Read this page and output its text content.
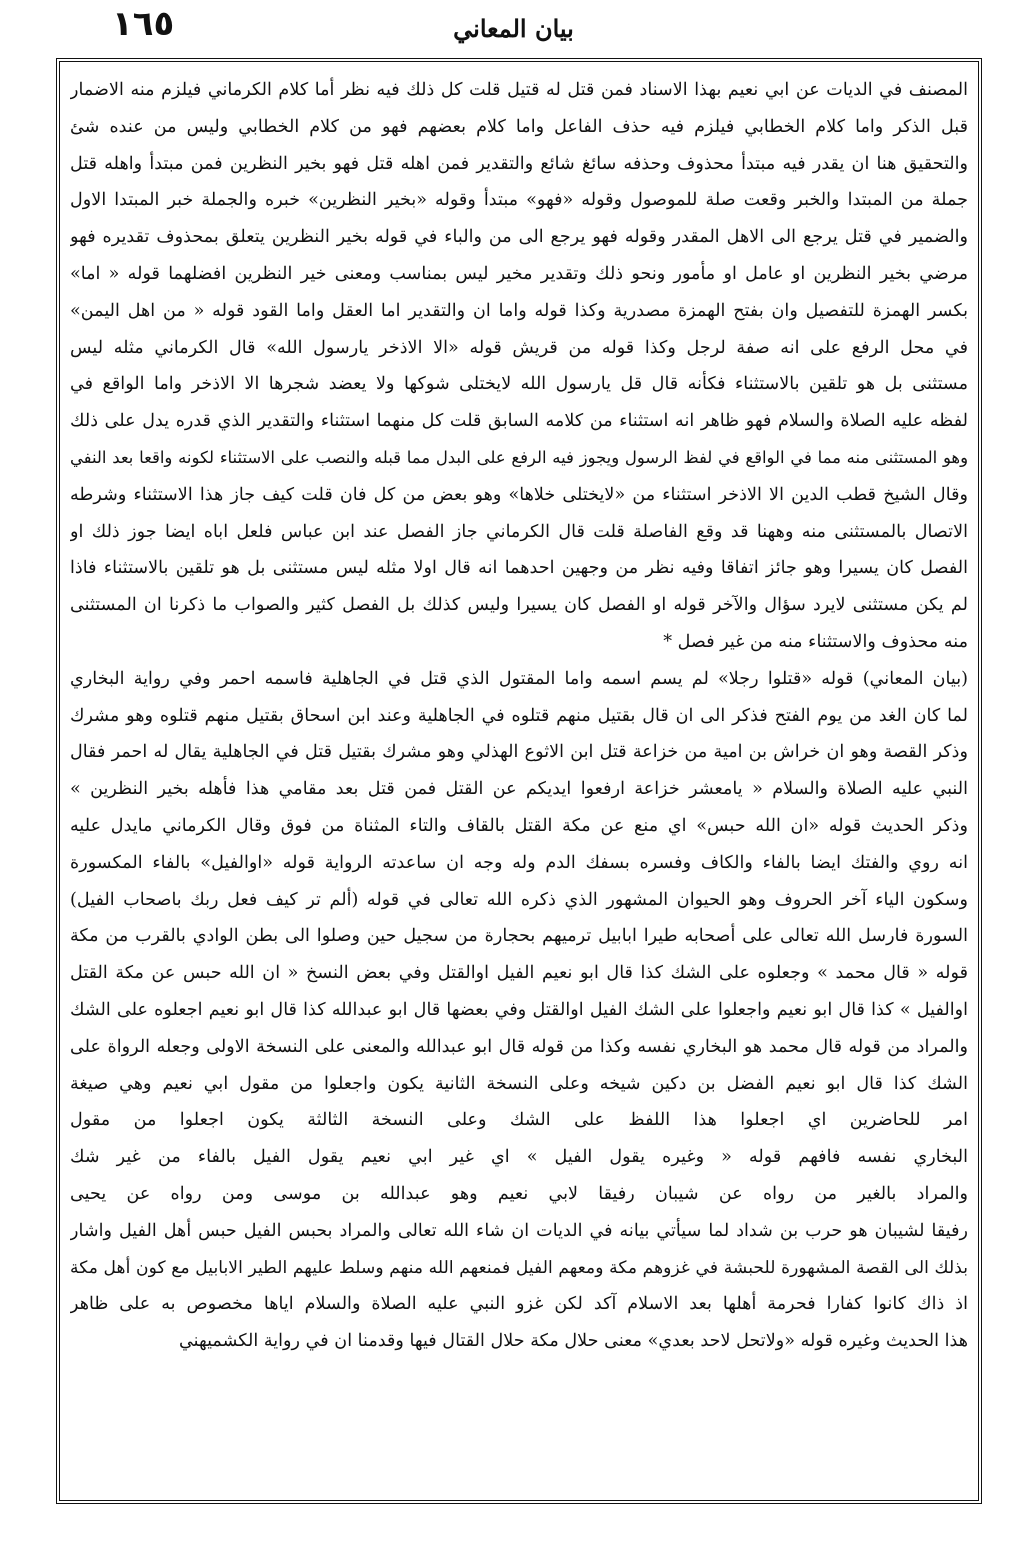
١٦٥	بيان المعاني
المصنف في الديات عن ابي نعيم بهذا الاسناد فمن قتل له قتيل قلت كل ذلك فيه نظر أما كلام الكرماني فيلزم منه الاضمار
قبل الذكر واما كلام الخطابي فيلزم فيه حذف الفاعل واما كلام بعضهم فهو من كلام الخطابي وليس من عنده شئ
والتحقيق هنا ان يقدر فيه مبتدأ محذوف وحذفه سائغ شائع والتقدير فمن اهله قتل فهو بخير النظرين فمن مبتدأ واهله قتل
جملة من المبتدا والخبر وقعت صلة للموصول وقوله «فهو» مبتدأ وقوله «بخير النظرين» خبره والجملة خبر المبتدا الاول
والضمير في قتل يرجع الى الاهل المقدر وقوله فهو يرجع الى من والباء في قوله بخير النظرين يتعلق بمحذوف تقديره فهو
مرضي بخير النظرين او عامل او مأمور ونحو ذلك وتقدير مخير ليس بمناسب ومعنى خير النظرين افضلهما قوله « اما»
بكسر الهمزة للتفصيل وان بفتح الهمزة مصدرية وكذا قوله واما ان والتقدير اما العقل واما القود قوله « من اهل اليمن»
في محل الرفع على انه صفة لرجل وكذا قوله من قريش قوله «الا الاذخر يارسول الله» قال الكرماني مثله ليس
مستثنى بل هو تلقين بالاستثناء فكأنه قال قل يارسول الله لايختلى شوكها ولا يعضد شجرها الا الاذخر واما الواقع في
لفظه عليه الصلاة والسلام فهو ظاهر انه استثناء من كلامه السابق قلت كل منهما استثناء والتقدير الذي قدره يدل على ذلك
وهو المستثنى منه مما في الواقع في لفظ الرسول ويجوز فيه الرفع على البدل مما قبله والنصب على الاستثناء لكونه واقعا بعد النفي
وقال الشيخ قطب الدين الا الاذخر استثناء من «لايختلى خلاها» وهو بعض من كل فان قلت كيف جاز هذا الاستثناء وشرطه
الاتصال بالمستثنى منه وههنا قد وقع الفاصلة قلت قال الكرماني جاز الفصل عند ابن عباس فلعل اباه ايضا جوز ذلك او
الفصل كان يسيرا وهو جائز اتفاقا وفيه نظر من وجهين احدهما انه قال اولا مثله ليس مستثنى بل هو تلقين بالاستثناء فاذا
لم يكن مستثنى لايرد سؤال والآخر قوله او الفصل كان يسيرا وليس كذلك بل الفصل كثير والصواب ما ذكرنا ان المستثنى
منه محذوف والاستثناء منه من غير فصل *
(بيان المعاني) قوله «قتلوا رجلا» لم يسم اسمه واما المقتول الذي قتل في الجاهلية فاسمه احمر وفي رواية البخاري
لما كان الغد من يوم الفتح فذكر الى ان قال بقتيل منهم قتلوه في الجاهلية وعند ابن اسحاق بقتيل منهم قتلوه وهو مشرك
وذكر القصة وهو ان خراش بن امية من خزاعة قتل ابن الاثوع الهذلي وهو مشرك بقتيل قتل في الجاهلية يقال له احمر فقال
النبي عليه الصلاة والسلام « يامعشر خزاعة ارفعوا ايديكم عن القتل فمن قتل بعد مقامي هذا فأهله بخير النظرين »
وذكر الحديث قوله «ان الله حبس» اي منع عن مكة القتل بالقاف والتاء المثناة من فوق وقال الكرماني مايدل عليه
انه روي والفتك ايضا بالفاء والكاف وفسره بسفك الدم وله وجه ان ساعدته الرواية قوله «اوالفيل» بالفاء المكسورة
وسكون الياء آخر الحروف وهو الحيوان المشهور الذي ذكره الله تعالى في قوله (ألم تر كيف فعل ربك باصحاب الفيل)
السورة فارسل الله تعالى على أصحابه طيرا ابابيل ترميهم بحجارة من سجيل حين وصلوا الى بطن الوادي بالقرب من مكة
قوله « قال محمد » وجعلوه على الشك كذا قال ابو نعيم الفيل اوالقتل وفي بعض النسخ « ان الله حبس عن مكة القتل
اوالفيل » كذا قال ابو نعيم واجعلوا على الشك الفيل اوالقتل وفي بعضها قال ابو عبدالله كذا قال ابو نعيم اجعلوه على الشك
والمراد من قوله قال محمد هو البخاري نفسه وكذا من قوله قال ابو عبدالله والمعنى على النسخة الاولى وجعله الرواة على
الشك كذا قال ابو نعيم الفضل بن دكين شيخه وعلى النسخة الثانية يكون واجعلوا من مقول ابي نعيم وهي صيغة
امر للحاضرين اي اجعلوا هذا اللفظ على الشك وعلى النسخة الثالثة يكون اجعلوا من مقول
البخاري نفسه فافهم قوله « وغيره يقول الفيل » اي غير ابي نعيم يقول الفيل بالفاء من غير شك
والمراد بالغير من رواه عن شيبان رفيقا لابي نعيم وهو عبدالله بن موسى ومن رواه عن يحيى
رفيقا لشيبان هو حرب بن شداد لما سيأتي بيانه في الديات ان شاء الله تعالى والمراد بحبس الفيل حبس أهل الفيل واشار
بذلك الى القصة المشهورة للحبشة في غزوهم مكة ومعهم الفيل فمنعهم الله منهم وسلط عليهم الطير الابابيل مع كون أهل مكة
اذ ذاك كانوا كفارا فحرمة أهلها بعد الاسلام آكد لكن غزو النبي عليه الصلاة والسلام اياها مخصوص به على ظاهر
هذا الحديث وغيره قوله «ولاتحل لاحد بعدي» معنى حلال مكة حلال القتال فيها وقدمنا ان في رواية الكشميهني
